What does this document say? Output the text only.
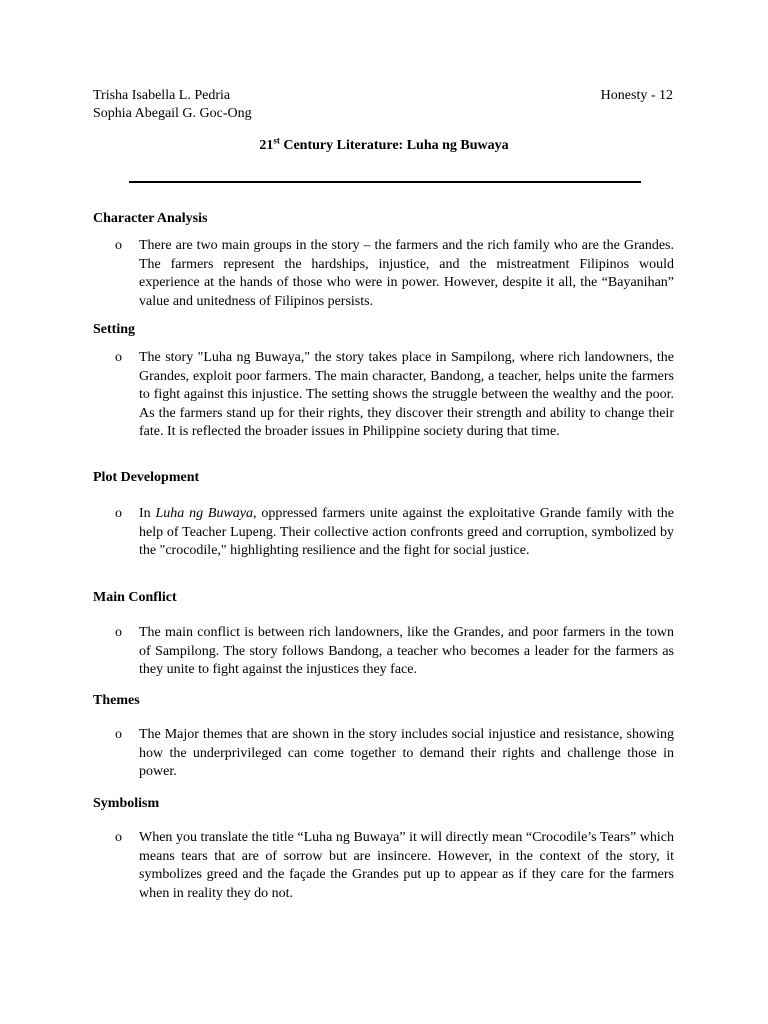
Trisha Isabella L. Pedria
Sophia Abegail G. Goc-Ong
Honesty - 12
21st Century Literature: Luha ng Buwaya
Character Analysis
o There are two main groups in the story – the farmers and the rich family who are the Grandes. The farmers represent the hardships, injustice, and the mistreatment Filipinos would experience at the hands of those who were in power. However, despite it all, the “Bayanihan” value and unitedness of Filipinos persists.
Setting
o The story "Luha ng Buwaya," the story takes place in Sampilong, where rich landowners, the Grandes, exploit poor farmers. The main character, Bandong, a teacher, helps unite the farmers to fight against this injustice. The setting shows the struggle between the wealthy and the poor. As the farmers stand up for their rights, they discover their strength and ability to change their fate. It is reflected the broader issues in Philippine society during that time.
Plot Development
o In Luha ng Buwaya, oppressed farmers unite against the exploitative Grande family with the help of Teacher Lupeng. Their collective action confronts greed and corruption, symbolized by the "crocodile," highlighting resilience and the fight for social justice.
Main Conflict
o The main conflict is between rich landowners, like the Grandes, and poor farmers in the town of Sampilong. The story follows Bandong, a teacher who becomes a leader for the farmers as they unite to fight against the injustices they face.
Themes
o The Major themes that are shown in the story includes social injustice and resistance, showing how the underprivileged can come together to demand their rights and challenge those in power.
Symbolism
o When you translate the title “Luha ng Buwaya” it will directly mean “Crocodile’s Tears” which means tears that are of sorrow but are insincere. However, in the context of the story, it symbolizes greed and the façade the Grandes put up to appear as if they care for the farmers when in reality they do not.
